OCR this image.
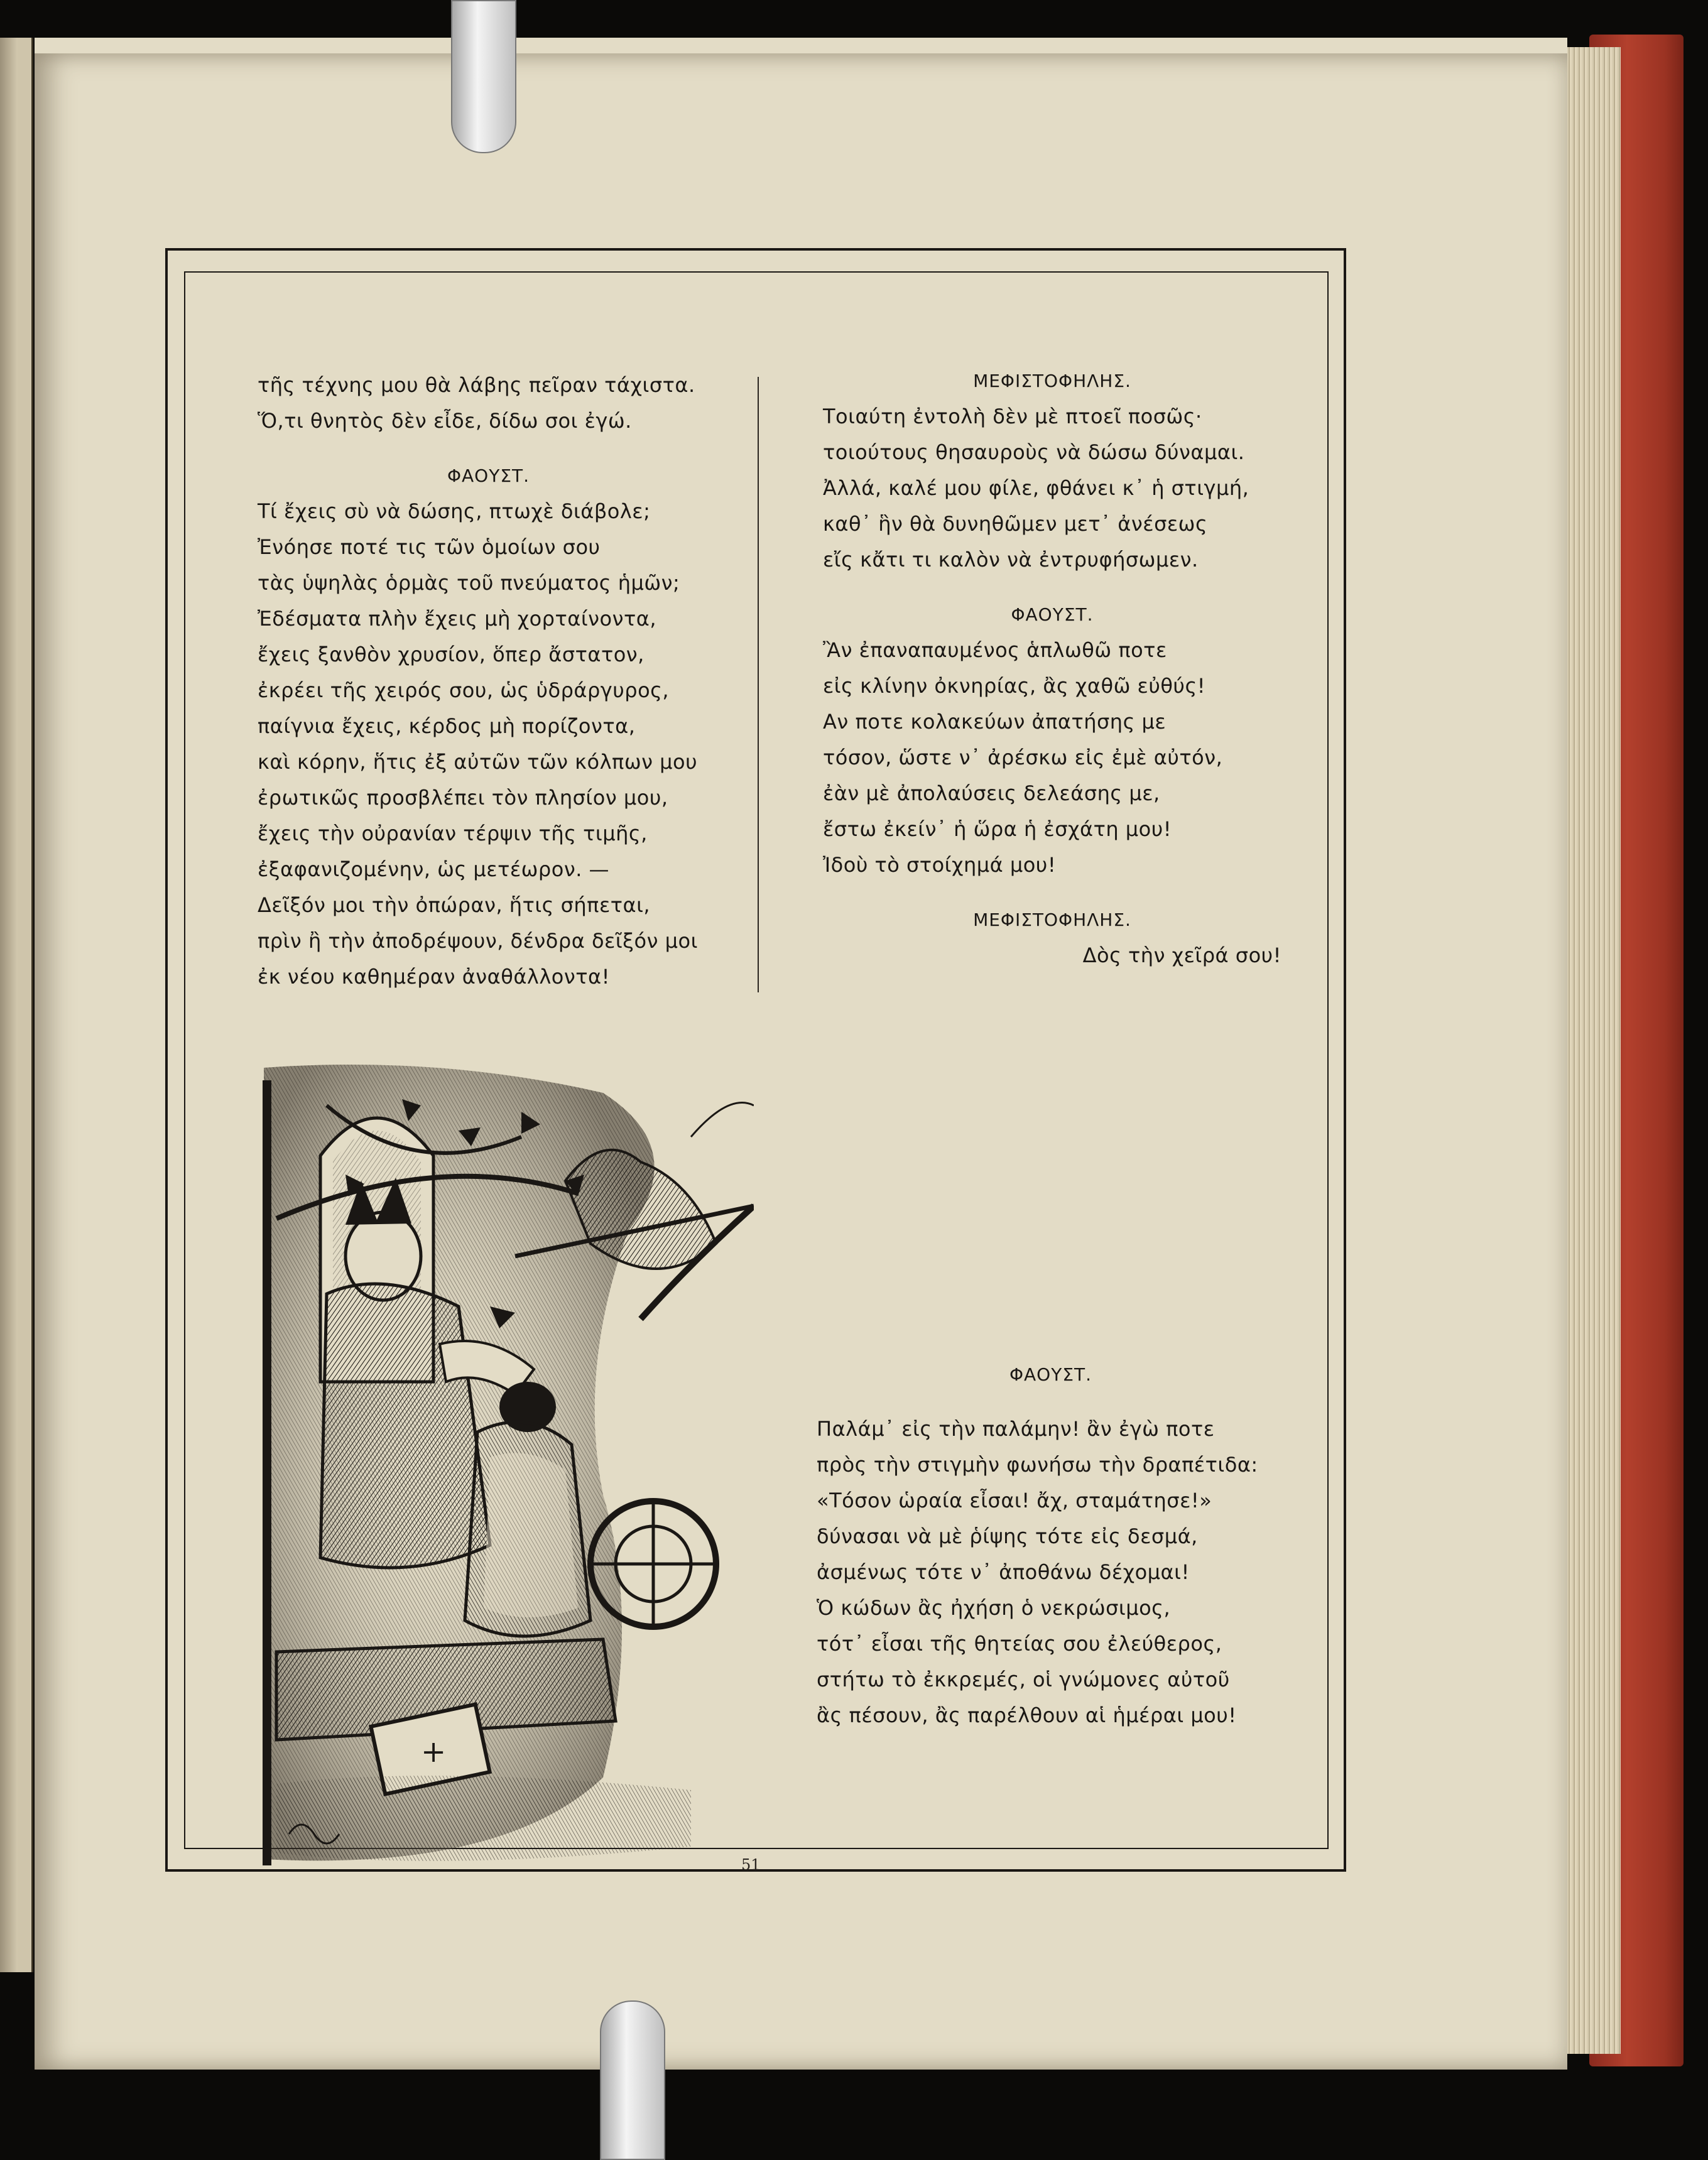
τῆς τέχνης μου θὰ λάβης πεῖραν τάχιστα.
Ὅ,τι θνητὸς δὲν εἶδε, δίδω σοι ἐγώ.
ΦΑΟΥΣΤ.
Τί ἔχεις σὺ νὰ δώσης, πτωχὲ διάβολε;
Ἐνόησε ποτέ τις τῶν ὁμοίων σου
τὰς ὑψηλὰς ὁρμὰς τοῦ πνεύματος ἡμῶν;
Ἐδέσματα πλὴν ἔχεις μὴ χορταίνοντα,
ἔχεις ξανθὸν χρυσίον, ὅπερ ἄστατον,
ἐκρέει τῆς χειρός σου, ὡς ὑδράργυρος,
παίγνια ἔχεις, κέρδος μὴ πορίζοντα,
καὶ κόρην, ἥτις ἐξ αὐτῶν τῶν κόλπων μου
ἐρωτικῶς προσβλέπει τὸν πλησίον μου,
ἔχεις τὴν οὐρανίαν τέρψιν τῆς τιμῆς,
ἐξαφανιζομένην, ὡς μετέωρον. —
Δεῖξόν μοι τὴν ὀπώραν, ἥτις σήπεται,
πρὶν ἢ τὴν ἀποδρέψουν, δένδρα δεῖξόν μοι
ἐκ νέου καθημέραν ἀναθάλλοντα!
ΜΕΦΙΣΤΟΦΗΛΗΣ.
Τοιαύτη ἐντολὴ δὲν μὲ πτοεῖ ποσῶς·
τοιούτους θησαυροὺς νὰ δώσω δύναμαι.
Ἀλλά, καλέ μου φίλε, φθάνει κ᾽ ἡ στιγμή,
καθ᾽ ἣν θὰ δυνηθῶμεν μετ᾽ ἀνέσεως
εἴς κἄτι τι καλὸν νὰ ἐντρυφήσωμεν.
ΦΑΟΥΣΤ.
Ἂν ἐπαναπαυμένος ἁπλωθῶ ποτε
εἰς κλίνην ὀκνηρίας, ἂς χαθῶ εὐθύς!
Αν ποτε κολακεύων ἀπατήσης με
τόσον, ὥστε ν᾽ ἀρέσκω εἰς ἐμὲ αὐτόν,
ἐὰν μὲ ἀπολαύσεις δελεάσης με,
ἔστω ἐκείν᾽ ἡ ὥρα ἡ ἐσχάτη μου!
Ἰδοὺ τὸ στοίχημά μου!
ΜΕΦΙΣΤΟΦΗΛΗΣ.
Δὸς τὴν χεῖρά σου!
ΦΑΟΥΣΤ.
Παλάμ᾽ εἰς τὴν παλάμην! ἂν ἐγὼ ποτε
πρὸς τὴν στιγμὴν φωνήσω τὴν δραπέτιδα:
«Τόσον ὡραία εἶσαι! ἄχ, σταμάτησε!»
δύνασαι νὰ μὲ ῥίψης τότε εἰς δεσμά,
ἀσμένως τότε ν᾽ ἀποθάνω δέχομαι!
Ὁ κώδων ἂς ἠχήση ὁ νεκρώσιμος,
τότ᾽ εἶσαι τῆς θητείας σου ἐλεύθερος,
στήτω τὸ ἐκκρεμές, οἱ γνώμονες αὐτοῦ
ἂς πέσουν, ἂς παρέλθουν αἱ ἡμέραι μου!
+
51
